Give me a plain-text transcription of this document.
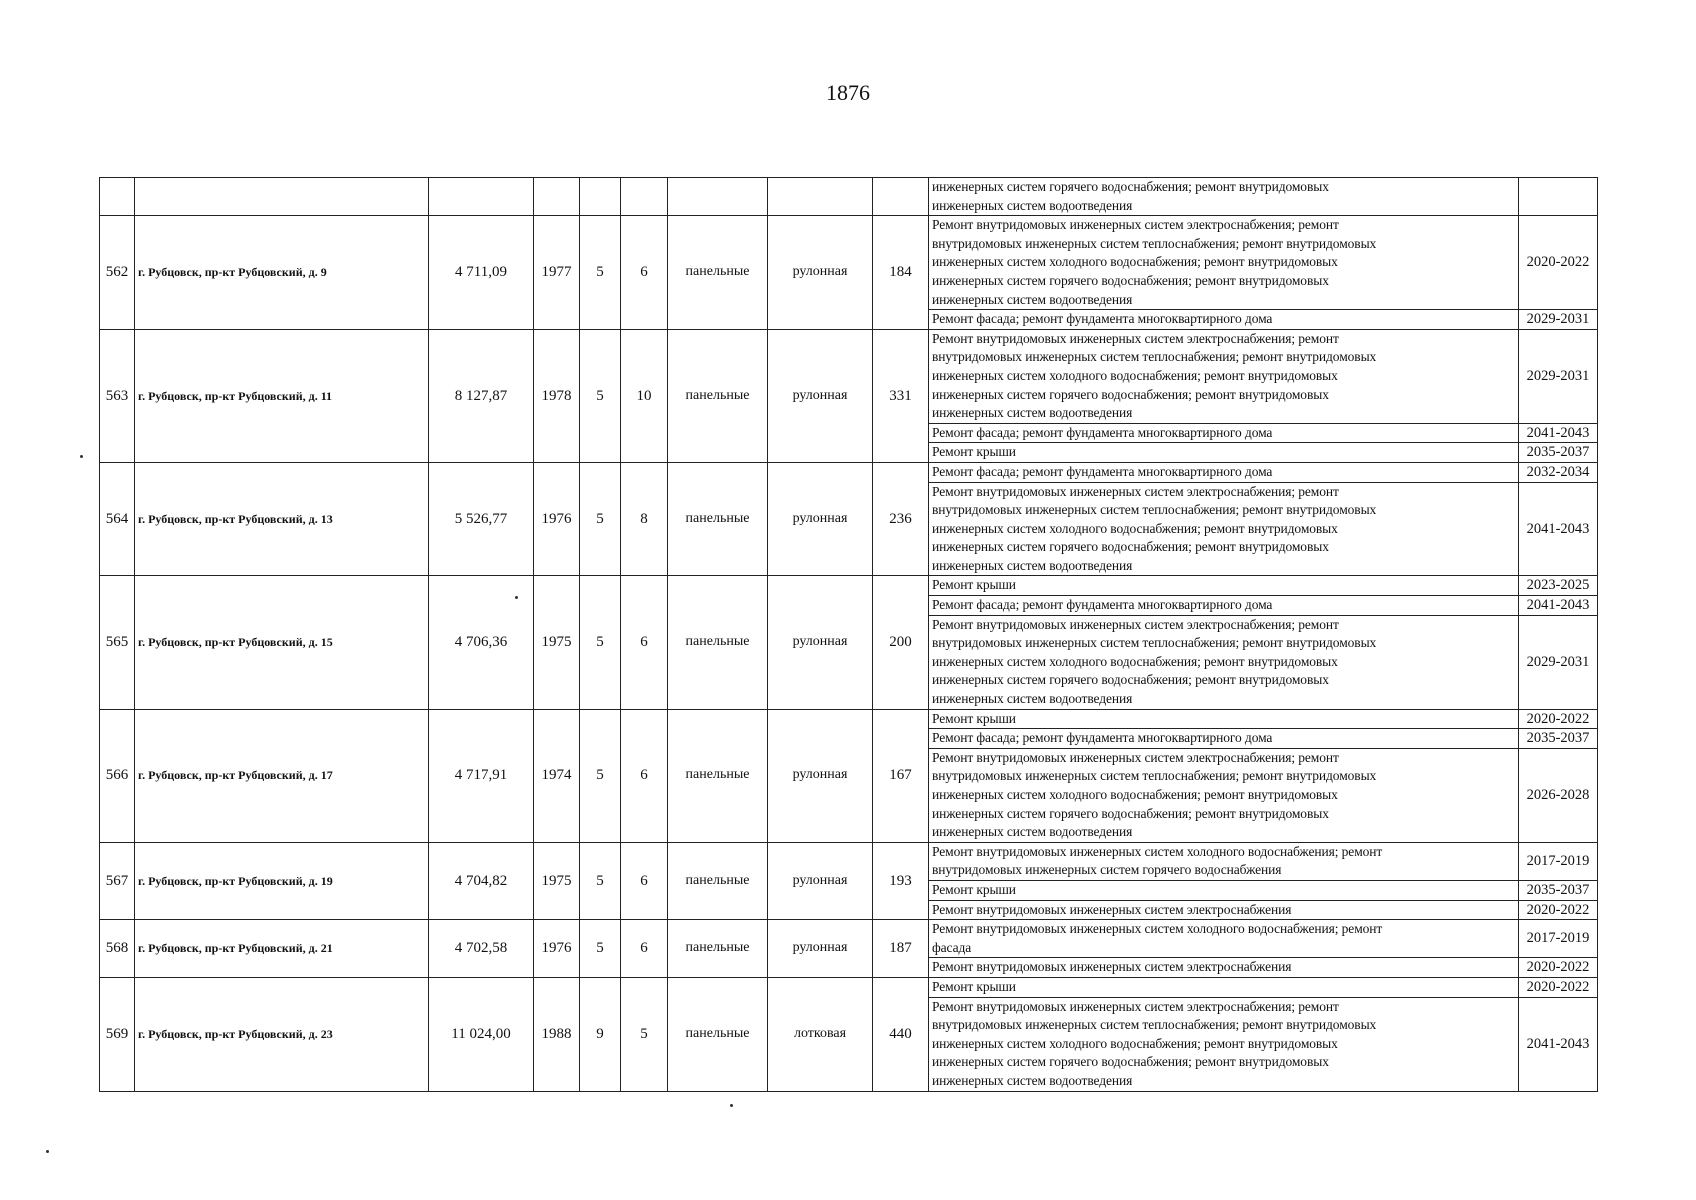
1876
									инженерных систем горячего водоснабжения; ремонт внутридомовых
инженерных систем водоотведения	
562	г. Рубцовск, пр-кт Рубцовский, д. 9	4 711,09	1977	5	6	панельные	рулонная	184	Ремонт внутридомовых инженерных систем электроснабжения; ремонт
внутридомовых инженерных систем теплоснабжения; ремонт внутридомовых
инженерных систем холодного водоснабжения; ремонт внутридомовых
инженерных систем горячего водоснабжения; ремонт внутридомовых
инженерных систем водоотведения	2020-2022
									Ремонт фасада; ремонт фундамента многоквартирного дома	2029-2031
563	г. Рубцовск, пр-кт Рубцовский, д. 11	8 127,87	1978	5	10	панельные	рулонная	331	Ремонт внутридомовых инженерных систем электроснабжения; ремонт
внутридомовых инженерных систем теплоснабжения; ремонт внутридомовых
инженерных систем холодного водоснабжения; ремонт внутридомовых
инженерных систем горячего водоснабжения; ремонт внутридомовых
инженерных систем водоотведения	2029-2031
									Ремонт фасада; ремонт фундамента многоквартирного дома	2041-2043
									Ремонт крыши	2035-2037
564	г. Рубцовск, пр-кт Рубцовский, д. 13	5 526,77	1976	5	8	панельные	рулонная	236	Ремонт фасада; ремонт фундамента многоквартирного дома	2032-2034
									Ремонт внутридомовых инженерных систем электроснабжения; ремонт
внутридомовых инженерных систем теплоснабжения; ремонт внутридомовых
инженерных систем холодного водоснабжения; ремонт внутридомовых
инженерных систем горячего водоснабжения; ремонт внутридомовых
инженерных систем водоотведения	2041-2043
565	г. Рубцовск, пр-кт Рубцовский, д. 15	4 706,36	1975	5	6	панельные	рулонная	200	Ремонт крыши	2023-2025
									Ремонт фасада; ремонт фундамента многоквартирного дома	2041-2043
									Ремонт внутридомовых инженерных систем электроснабжения; ремонт
внутридомовых инженерных систем теплоснабжения; ремонт внутридомовых
инженерных систем холодного водоснабжения; ремонт внутридомовых
инженерных систем горячего водоснабжения; ремонт внутридомовых
инженерных систем водоотведения	2029-2031
566	г. Рубцовск, пр-кт Рубцовский, д. 17	4 717,91	1974	5	6	панельные	рулонная	167	Ремонт крыши	2020-2022
									Ремонт фасада; ремонт фундамента многоквартирного дома	2035-2037
									Ремонт внутридомовых инженерных систем электроснабжения; ремонт
внутридомовых инженерных систем теплоснабжения; ремонт внутридомовых
инженерных систем холодного водоснабжения; ремонт внутридомовых
инженерных систем горячего водоснабжения; ремонт внутридомовых
инженерных систем водоотведения	2026-2028
567	г. Рубцовск, пр-кт Рубцовский, д. 19	4 704,82	1975	5	6	панельные	рулонная	193	Ремонт внутридомовых инженерных систем холодного водоснабжения; ремонт
внутридомовых инженерных систем горячего водоснабжения	2017-2019
									Ремонт крыши	2035-2037
									Ремонт внутридомовых инженерных систем электроснабжения	2020-2022
568	г. Рубцовск, пр-кт Рубцовский, д. 21	4 702,58	1976	5	6	панельные	рулонная	187	Ремонт внутридомовых инженерных систем холодного водоснабжения; ремонт
фасада	2017-2019
									Ремонт внутридомовых инженерных систем электроснабжения	2020-2022
569	г. Рубцовск, пр-кт Рубцовский, д. 23	11 024,00	1988	9	5	панельные	лотковая	440	Ремонт крыши	2020-2022
									Ремонт внутридомовых инженерных систем электроснабжения; ремонт
внутридомовых инженерных систем теплоснабжения; ремонт внутридомовых
инженерных систем холодного водоснабжения; ремонт внутридомовых
инженерных систем горячего водоснабжения; ремонт внутридомовых
инженерных систем водоотведения	2041-2043
